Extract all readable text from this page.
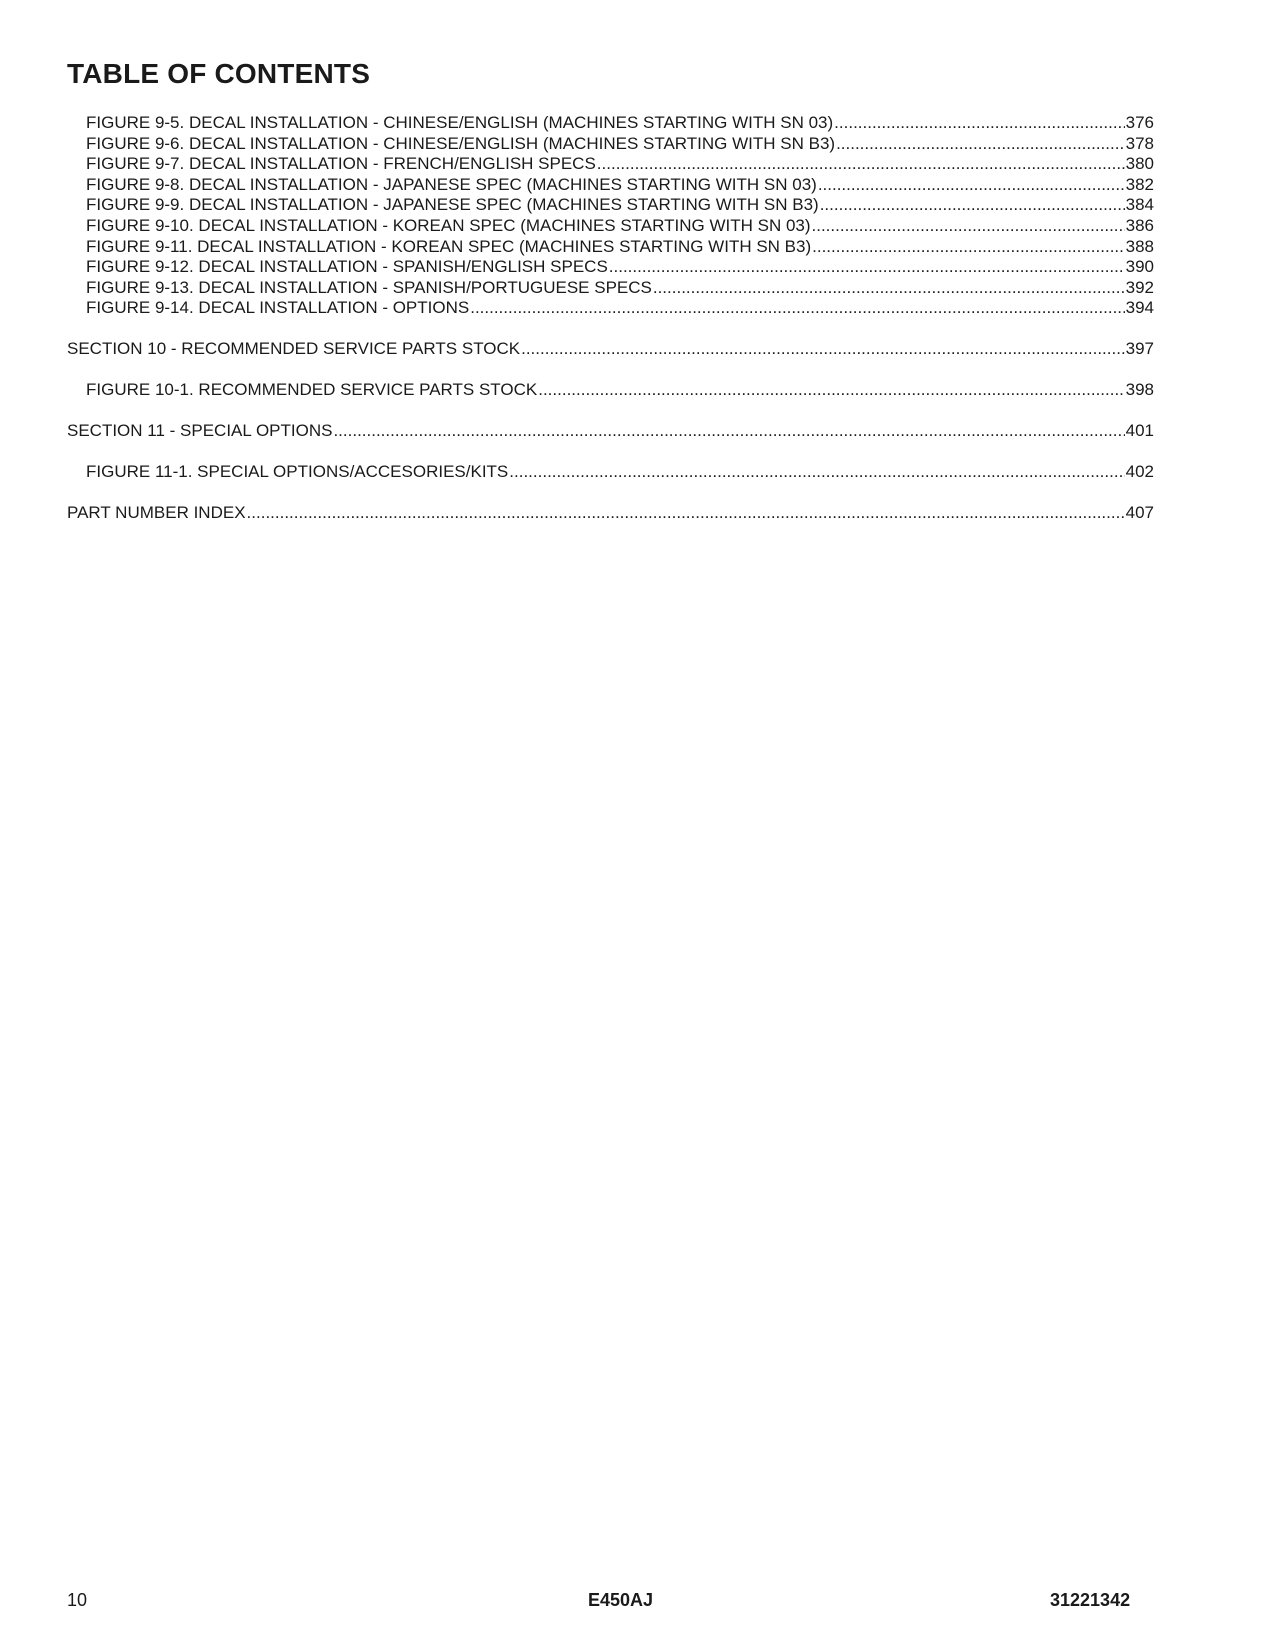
TABLE OF CONTENTS
FIGURE 9-5. DECAL INSTALLATION - CHINESE/ENGLISH (MACHINES STARTING WITH SN 03) .....	376
FIGURE 9-6. DECAL INSTALLATION - CHINESE/ENGLISH (MACHINES STARTING WITH SN B3) .....	378
FIGURE 9-7. DECAL INSTALLATION - FRENCH/ENGLISH SPECS .....	380
FIGURE 9-8. DECAL INSTALLATION - JAPANESE SPEC (MACHINES STARTING WITH SN 03) .....	382
FIGURE 9-9. DECAL INSTALLATION - JAPANESE SPEC (MACHINES STARTING WITH SN B3) .....	384
FIGURE 9-10. DECAL INSTALLATION - KOREAN SPEC (MACHINES STARTING WITH SN 03) .....	386
FIGURE 9-11. DECAL INSTALLATION - KOREAN SPEC (MACHINES STARTING WITH SN B3) .....	388
FIGURE 9-12. DECAL INSTALLATION - SPANISH/ENGLISH SPECS .....	390
FIGURE 9-13. DECAL INSTALLATION - SPANISH/PORTUGUESE SPECS .....	392
FIGURE 9-14. DECAL INSTALLATION - OPTIONS .....	394
SECTION 10 - RECOMMENDED SERVICE PARTS STOCK .....	397
FIGURE 10-1. RECOMMENDED SERVICE PARTS STOCK .....	398
SECTION 11 - SPECIAL OPTIONS .....	401
FIGURE 11-1. SPECIAL OPTIONS/ACCESORIES/KITS .....	402
PART NUMBER INDEX .....	407
10	E450AJ	31221342
